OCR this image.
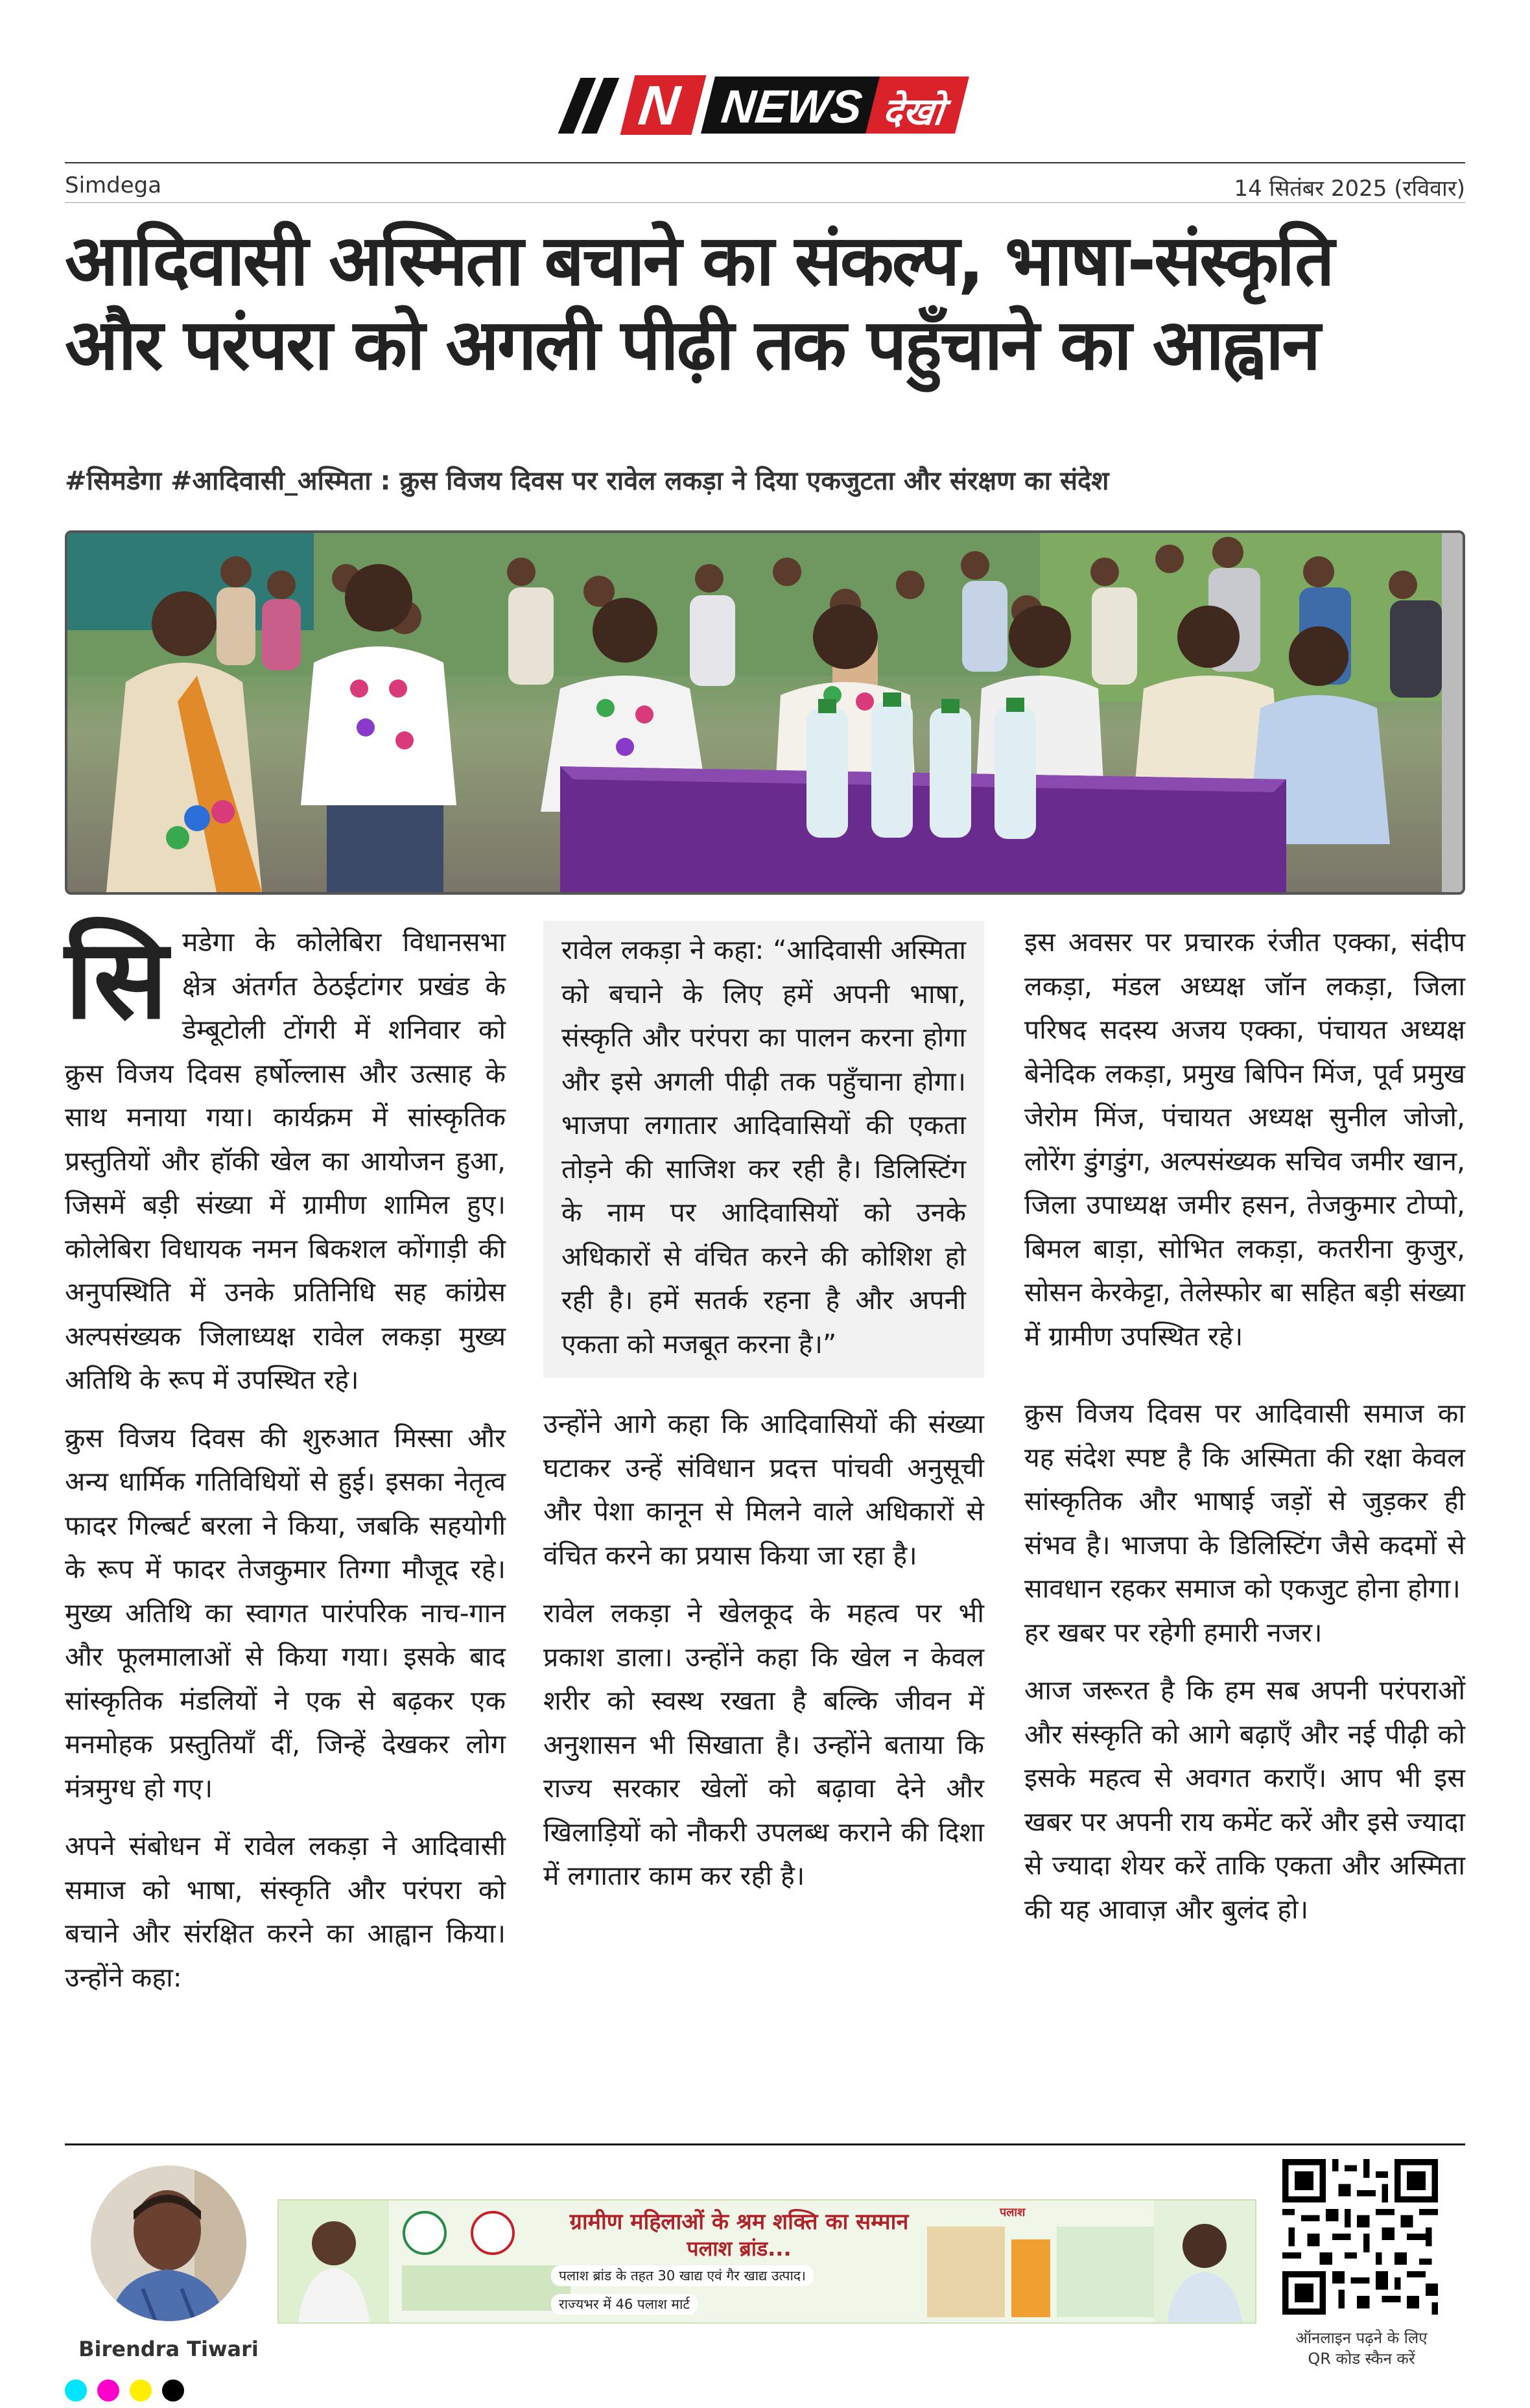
N NEWS देखो
Simdega	14 सितंबर 2025 (रविवार)
आदिवासी अस्मिता बचाने का संकल्प, भाषा-संस्कृति
और परंपरा को अगली पीढ़ी तक पहुँचाने का आह्वान
#सिमडेगा #आदिवासी_अस्मिता : क्रुस विजय दिवस पर रावेल लकड़ा ने दिया एकजुटता और संरक्षण का संदेश

सि मडेगा के कोलेबिरा विधानसभा क्षेत्र अंतर्गत ठेठईटांगर प्रखंड के डेम्बूटोली टोंगरी में शनिवार को क्रुस विजय दिवस हर्षोल्लास और उत्साह के साथ मनाया गया। कार्यक्रम में सांस्कृतिक प्रस्तुतियों और हॉकी खेल का आयोजन हुआ, जिसमें बड़ी संख्या में ग्रामीण शामिल हुए। कोलेबिरा विधायक नमन बिकशल कोंगाड़ी की अनुपस्थिति में उनके प्रतिनिधि सह कांग्रेस अल्पसंख्यक जिलाध्यक्ष रावेल लकड़ा मुख्य अतिथि के रूप में उपस्थित रहे।

क्रुस विजय दिवस की शुरुआत मिस्सा और अन्य धार्मिक गतिविधियों से हुई। इसका नेतृत्व फादर गिल्बर्ट बरला ने किया, जबकि सहयोगी के रूप में फादर तेजकुमार तिग्गा मौजूद रहे। मुख्य अतिथि का स्वागत पारंपरिक नाच-गान और फूलमालाओं से किया गया। इसके बाद सांस्कृतिक मंडलियों ने एक से बढ़कर एक मनमोहक प्रस्तुतियाँ दीं, जिन्हें देखकर लोग मंत्रमुग्ध हो गए।

अपने संबोधन में रावेल लकड़ा ने आदिवासी समाज को भाषा, संस्कृति और परंपरा को बचाने और संरक्षित करने का आह्वान किया। उन्होंने कहा:

रावेल लकड़ा ने कहा: “आदिवासी अस्मिता को बचाने के लिए हमें अपनी भाषा, संस्कृति और परंपरा का पालन करना होगा और इसे अगली पीढ़ी तक पहुँचाना होगा। भाजपा लगातार आदिवासियों की एकता तोड़ने की साजिश कर रही है। डिलिस्टिंग के नाम पर आदिवासियों को उनके अधिकारों से वंचित करने की कोशिश हो रही है। हमें सतर्क रहना है और अपनी एकता को मजबूत करना है।”

उन्होंने आगे कहा कि आदिवासियों की संख्या घटाकर उन्हें संविधान प्रदत्त पांचवी अनुसूची और पेशा कानून से मिलने वाले अधिकारों से वंचित करने का प्रयास किया जा रहा है।

रावेल लकड़ा ने खेलकूद के महत्व पर भी प्रकाश डाला। उन्होंने कहा कि खेल न केवल शरीर को स्वस्थ रखता है बल्कि जीवन में अनुशासन भी सिखाता है। उन्होंने बताया कि राज्य सरकार खेलों को बढ़ावा देने और खिलाड़ियों को नौकरी उपलब्ध कराने की दिशा में लगातार काम कर रही है।

इस अवसर पर प्रचारक रंजीत एक्का, संदीप लकड़ा, मंडल अध्यक्ष जॉन लकड़ा, जिला परिषद सदस्य अजय एक्का, पंचायत अध्यक्ष बेनेदिक लकड़ा, प्रमुख बिपिन मिंज, पूर्व प्रमुख जेरोम मिंज, पंचायत अध्यक्ष सुनील जोजो, लोरेंग डुंगडुंग, अल्पसंख्यक सचिव जमीर खान, जिला उपाध्यक्ष जमीर हसन, तेजकुमार टोप्पो, बिमल बाड़ा, सोभित लकड़ा, कतरीना कुजुर, सोसन केरकेट्टा, तेलेस्फोर बा सहित बड़ी संख्या में ग्रामीण उपस्थित रहे।

क्रुस विजय दिवस पर आदिवासी समाज का यह संदेश स्पष्ट है कि अस्मिता की रक्षा केवल सांस्कृतिक और भाषाई जड़ों से जुड़कर ही संभव है। भाजपा के डिलिस्टिंग जैसे कदमों से सावधान रहकर समाज को एकजुट होना होगा।
हर खबर पर रहेगी हमारी नजर।

आज जरूरत है कि हम सब अपनी परंपराओं और संस्कृति को आगे बढ़ाएँ और नई पीढ़ी को इसके महत्व से अवगत कराएँ। आप भी इस खबर पर अपनी राय कमेंट करें और इसे ज्यादा से ज्यादा शेयर करें ताकि एकता और अस्मिता की यह आवाज़ और बुलंद हो।

Birendra Tiwari
ग्रामीण महिलाओं के श्रम शक्ति का सम्मान
पलाश ब्रांड...
पलाश ब्रांड के तहत 30 खाद्य एवं गैर खाद्य उत्पाद।
राज्यभर में 46 पलाश मार्ट
पलाश
ऑनलाइन पढ़ने के लिए
QR कोड स्कैन करें
